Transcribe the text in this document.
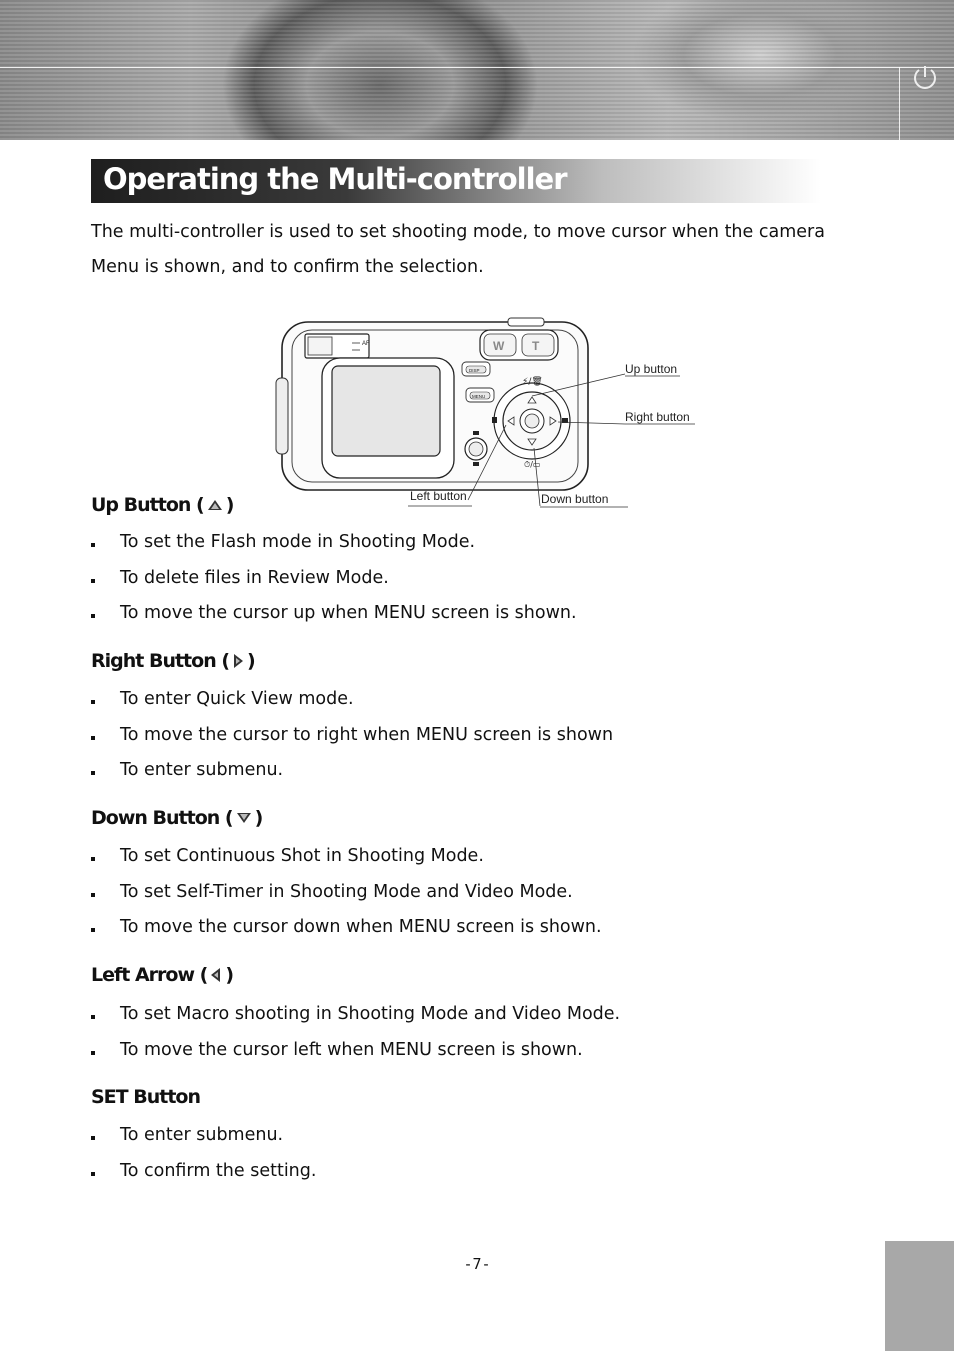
Operating the Multi-controller

The multi-controller is used to set shooting mode, to move cursor when the camera Menu is shown, and to confirm the selection.

AF	W T
DISP
MENU
⚡/🗑
⏱/▭
Up button
Right button
Left button	Down button
Up Button ( )
To set the Flash mode in Shooting Mode.
To delete files in Review Mode.
To move the cursor up when MENU screen is shown.
Right Button ( )
To enter Quick View mode.
To move the cursor to right when MENU screen is shown
To enter submenu.
Down Button ( )
To set Continuous Shot in Shooting Mode.
To set Self-Timer in Shooting Mode and Video Mode.
To move the cursor down when MENU screen is shown.
Left Arrow ( )
To set Macro shooting in Shooting Mode and Video Mode.
To move the cursor left when MENU screen is shown.
SET Button
To enter submenu.
To confirm the setting.
-7-
